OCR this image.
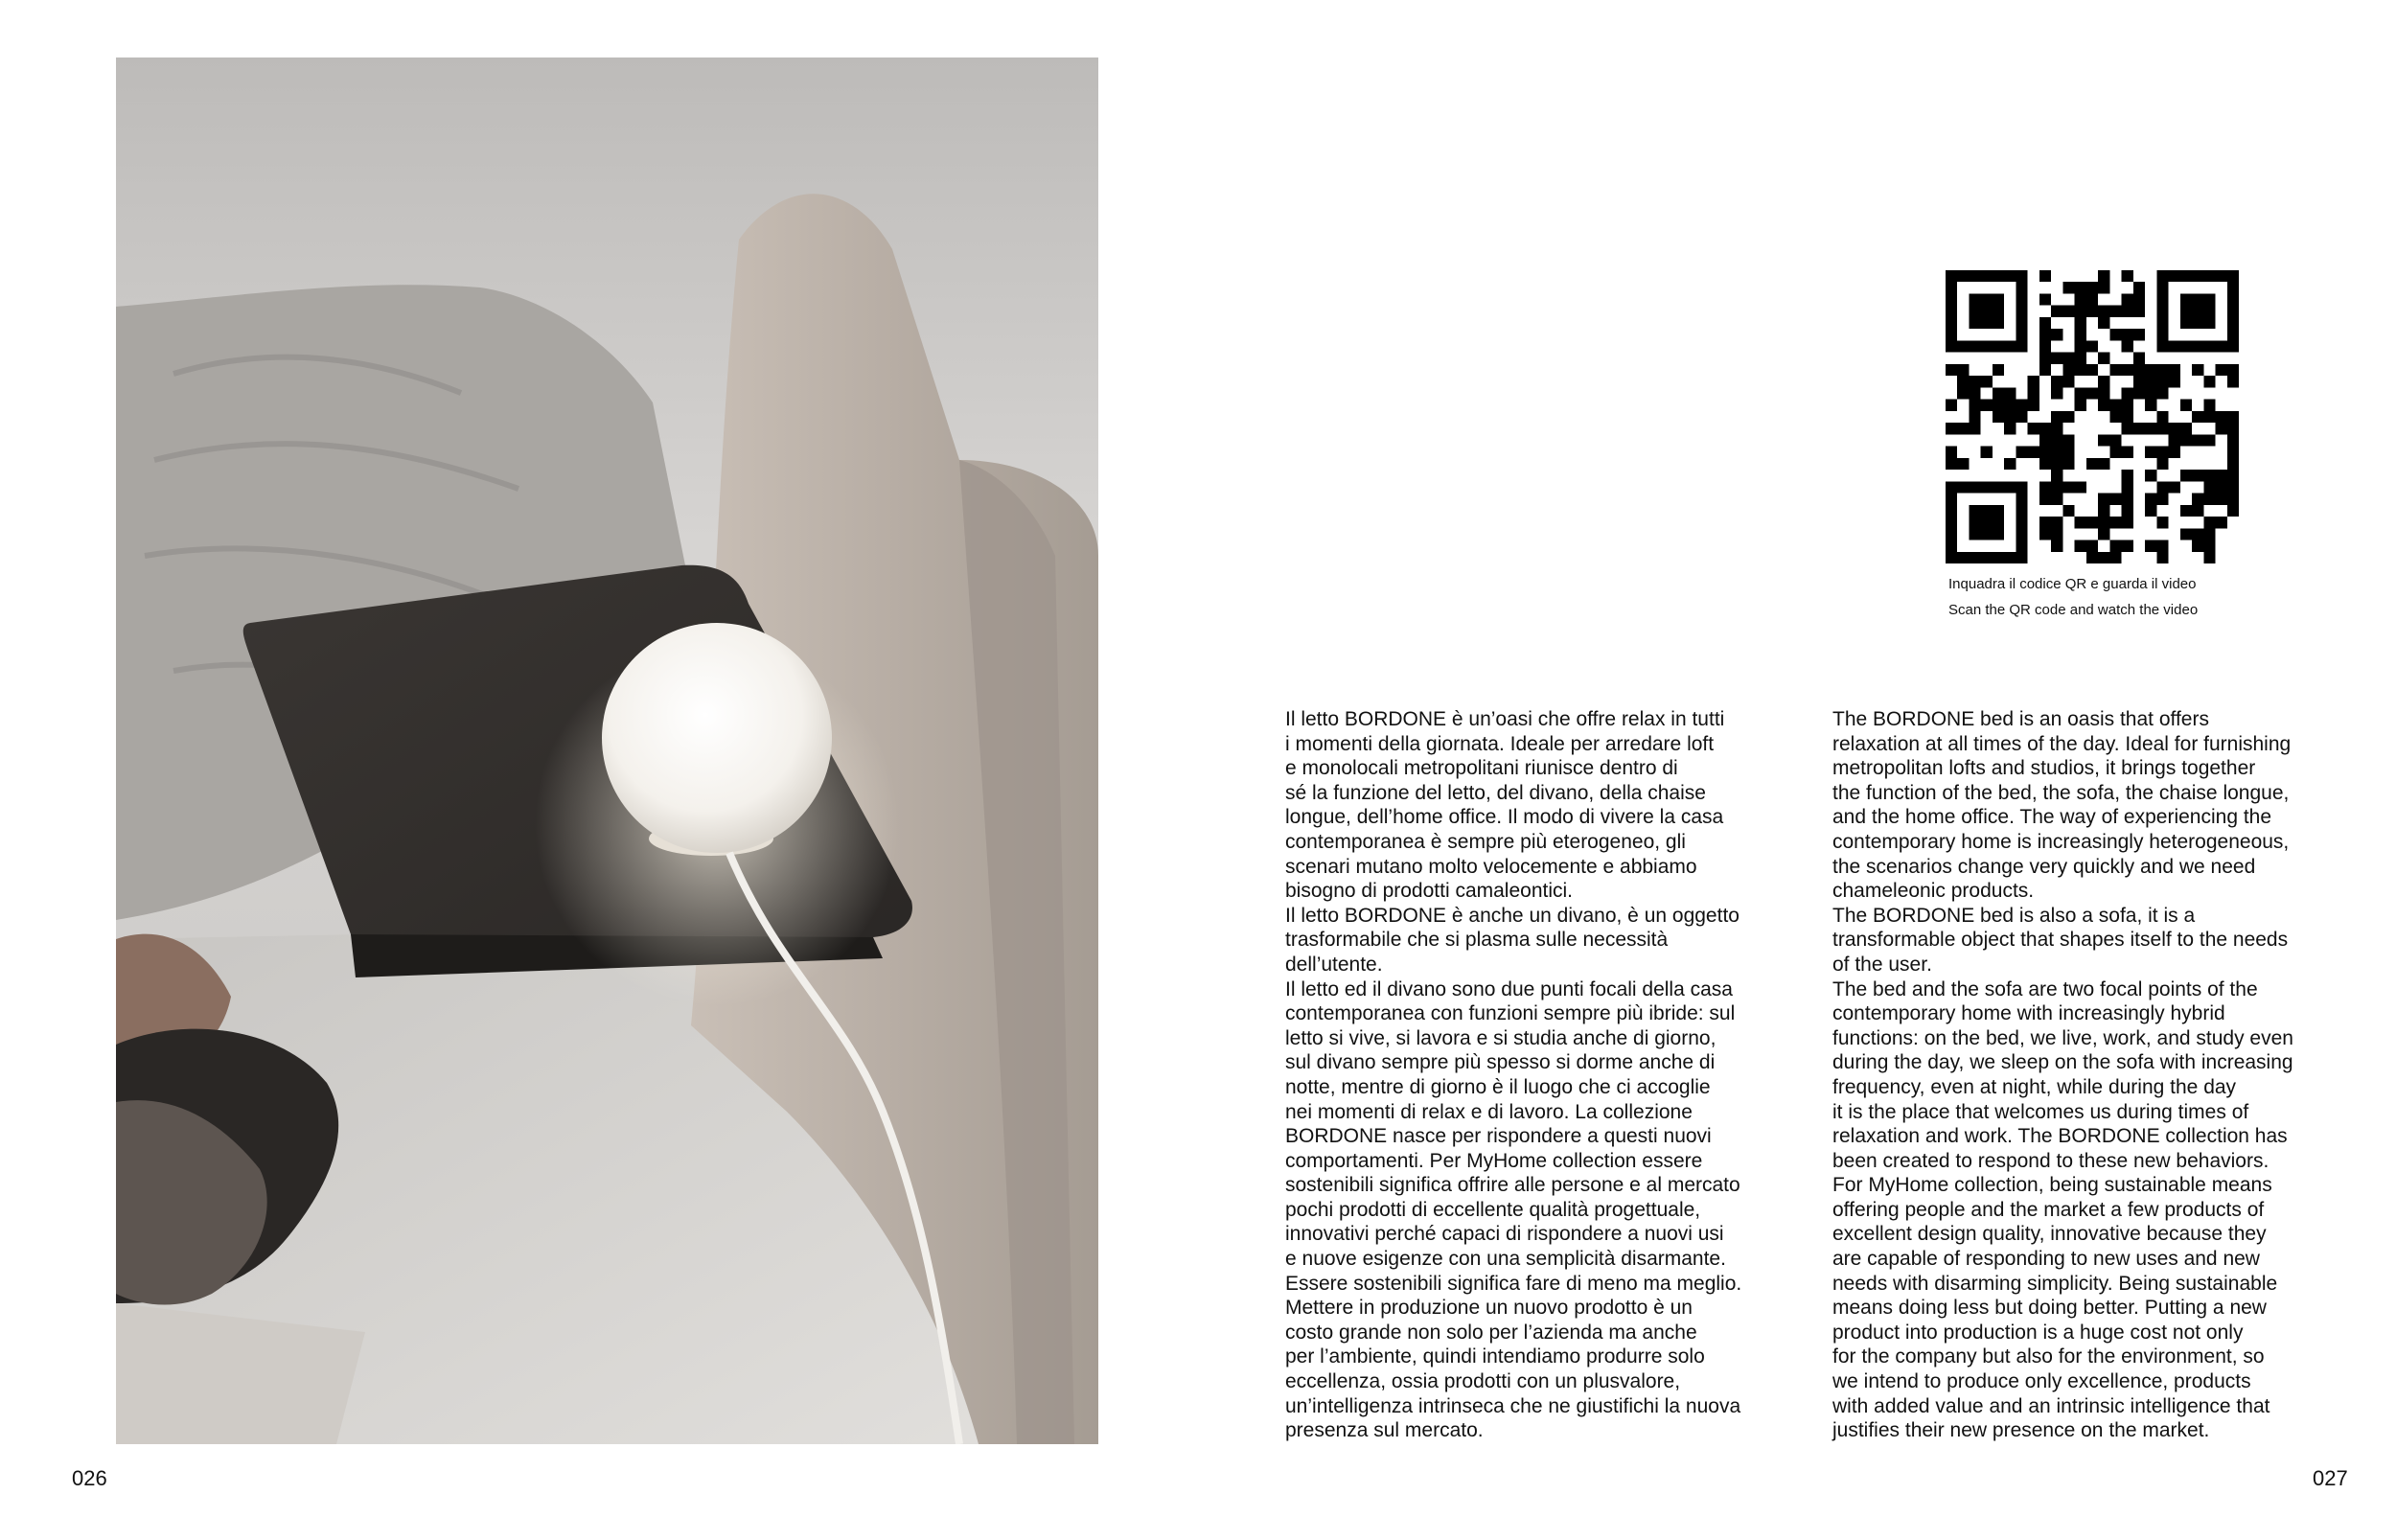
Inquadra il codice QR e guarda il video
Scan the QR code and watch the video

Il letto BORDONE è un’oasi che offre relax in tutti
i momenti della giornata. Ideale per arredare loft
e monolocali metropolitani riunisce dentro di
sé la funzione del letto, del divano, della chaise
longue, dell’home office. Il modo di vivere la casa
contemporanea è sempre più eterogeneo, gli
scenari mutano molto velocemente e abbiamo
bisogno di prodotti camaleontici.

Il letto BORDONE è anche un divano, è un oggetto
trasformabile che si plasma sulle necessità
dell’utente.

Il letto ed il divano sono due punti focali della casa
contemporanea con funzioni sempre più ibride: sul
letto si vive, si lavora e si studia anche di giorno,
sul divano sempre più spesso si dorme anche di
notte, mentre di giorno è il luogo che ci accoglie
nei momenti di relax e di lavoro. La collezione
BORDONE nasce per rispondere a questi nuovi
comportamenti. Per MyHome collection essere
sostenibili significa offrire alle persone e al mercato
pochi prodotti di eccellente qualità progettuale,
innovativi perché capaci di rispondere a nuovi usi
e nuove esigenze con una semplicità disarmante.
Essere sostenibili significa fare di meno ma meglio.
Mettere in produzione un nuovo prodotto è un
costo grande non solo per l’azienda ma anche
per l’ambiente, quindi intendiamo produrre solo
eccellenza, ossia prodotti con un plusvalore,
un’intelligenza intrinseca che ne giustifichi la nuova
presenza sul mercato.

The BORDONE bed is an oasis that offers
relaxation at all times of the day. Ideal for furnishing
metropolitan lofts and studios, it brings together
the function of the bed, the sofa, the chaise longue,
and the home office. The way of experiencing the
contemporary home is increasingly heterogeneous,
the scenarios change very quickly and we need
chameleonic products.

The BORDONE bed is also a sofa, it is a
transformable object that shapes itself to the needs
of the user.

The bed and the sofa are two focal points of the
contemporary home with increasingly hybrid
functions: on the bed, we live, work, and study even
during the day, we sleep on the sofa with increasing
frequency, even at night, while during the day
it is the place that welcomes us during times of
relaxation and work. The BORDONE collection has
been created to respond to these new behaviors.
For MyHome collection, being sustainable means
offering people and the market a few products of
excellent design quality, innovative because they
are capable of responding to new uses and new
needs with disarming simplicity. Being sustainable
means doing less but doing better. Putting a new
product into production is a huge cost not only
for the company but also for the environment, so
we intend to produce only excellence, products
with added value and an intrinsic intelligence that
justifies their new presence on the market.

026	027
